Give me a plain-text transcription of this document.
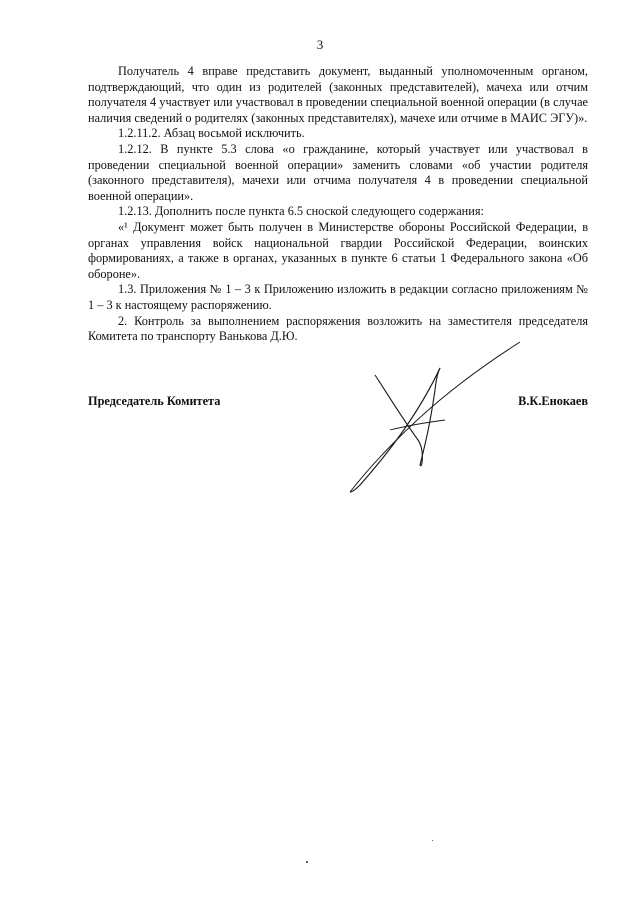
3

Получатель 4 вправе представить документ, выданный уполномоченным органом, подтверждающий, что один из родителей (законных представителей), мачеха или отчим получателя 4 участвует или участвовал в проведении специальной военной операции (в случае наличия сведений о родителях (законных представителях), мачехе или отчиме в МАИС ЭГУ)».

1.2.11.2. Абзац восьмой исключить.

1.2.12. В пункте 5.3 слова «о гражданине, который участвует или участвовал в проведении специальной военной операции» заменить словами «об участии родителя (законного представителя), мачехи или отчима получателя 4 в проведении специальной военной операции».

1.2.13. Дополнить после пункта 6.5 сноской следующего содержания:

«¹ Документ может быть получен в Министерстве обороны Российской Федерации, в органах управления войск национальной гвардии Российской Федерации, воинских формированиях, а также в органах, указанных в пункте 6 статьи 1 Федерального закона «Об обороне».

1.3. Приложения № 1 – 3 к Приложению изложить в редакции согласно приложениям № 1 – 3 к настоящему распоряжению.

2. Контроль за выполнением распоряжения возложить на заместителя председателя Комитета по транспорту Ванькова Д.Ю.

Председатель Комитета	В.К.Енокаев
